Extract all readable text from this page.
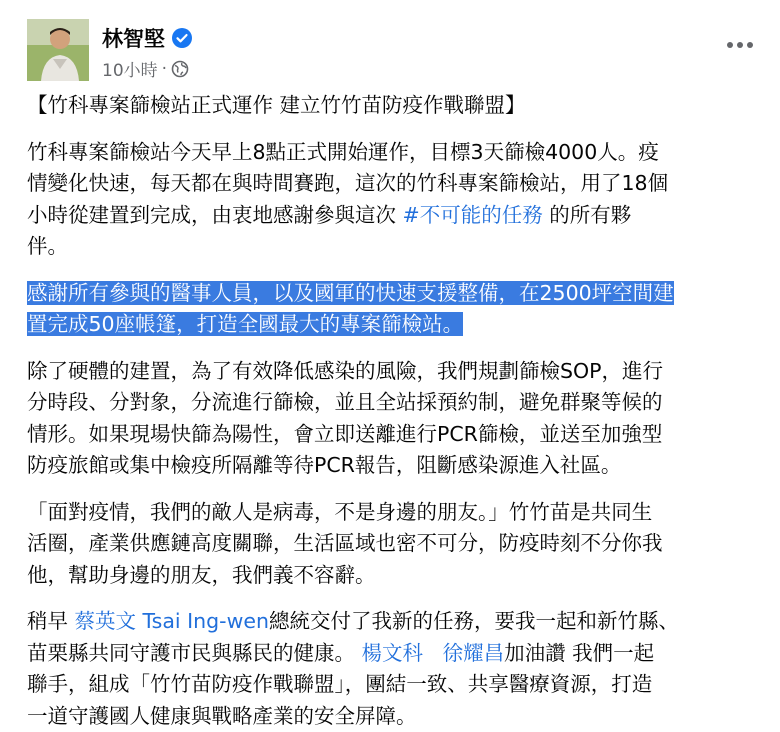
林智堅
10小時 ·
【竹科專案篩檢站正式運作 建立竹竹苗防疫作戰聯盟】
竹科專案篩檢站今天早上8點正式開始運作，目標3天篩檢4000人。疫
情變化快速，每天都在與時間賽跑，這次的竹科專案篩檢站，用了18個
小時從建置到完成，由衷地感謝參與這次 #不可能的任務 的所有夥
伴。
感謝所有參與的醫事人員，以及國軍的快速支援整備，在2500坪空間建
置完成50座帳篷，打造全國最大的專案篩檢站。
除了硬體的建置，為了有效降低感染的風險，我們規劃篩檢SOP，進行
分時段、分對象，分流進行篩檢，並且全站採預約制，避免群聚等候的
情形。如果現場快篩為陽性，會立即送離進行PCR篩檢，並送至加強型
防疫旅館或集中檢疫所隔離等待PCR報告，阻斷感染源進入社區。
「面對疫情，我們的敵人是病毒，不是身邊的朋友。」竹竹苗是共同生
活圈，產業供應鏈高度關聯，生活區域也密不可分，防疫時刻不分你我
他，幫助身邊的朋友，我們義不容辭。
稍早 蔡英文 Tsai Ing-wen總統交付了我新的任務，要我一起和新竹縣、
苗栗縣共同守護市民與縣民的健康。 楊文科 徐耀昌加油讚 我們一起
聯手，組成「竹竹苗防疫作戰聯盟」，團結一致、共享醫療資源，打造
一道守護國人健康與戰略產業的安全屏障。
